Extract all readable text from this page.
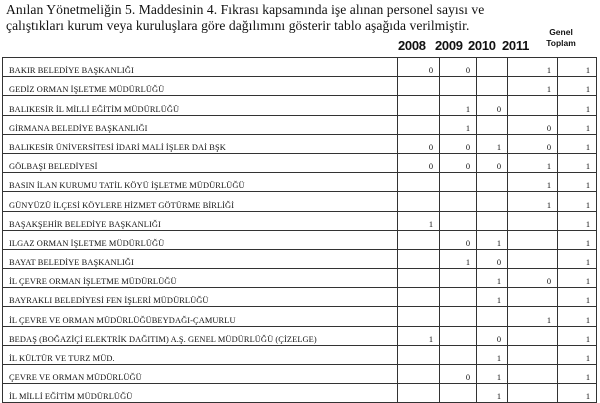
Anılan Yönetmeliğin 5. Maddesinin 4. Fıkrası kapsamında işe alınan personel sayısı ve
çalıştıkları kurum veya kuruluşlara göre dağılımını gösterir tablo aşağıda verilmiştir.
2008 2009 2010 2011
Genel
Toplam
BAKIR BELEDİYE BAŞKANLIĞI	0	0		1	1
GEDİZ ORMAN İŞLETME MÜDÜRLÜĞÜ				1	1
BALIKESİR İL MİLLİ EĞİTİM MÜDÜRLÜĞÜ		1	0		1
GİRMANA BELEDİYE BAŞKANLIĞI		1		0	1
BALIKESİR ÜNİVERSİTESİ İDARİ MALİ İŞLER DAİ BŞK	0	0	1	0	1
GÖLBAŞI BELEDİYESİ	0	0	0	1	1
BASIN İLAN KURUMU TATİL KÖYÜ İŞLETME MÜDÜRLÜĞÜ				1	1
GÜNYÜZÜ İLÇESİ KÖYLERE HİZMET GÖTÜRME BİRLİĞİ				1	1
BAŞAKŞEHİR BELEDİYE BAŞKANLIĞI	1				1
ILGAZ ORMAN İŞLETME MÜDÜRLÜĞÜ		0	1		1
BAYAT BELEDİYE BAŞKANLIĞI		1	0		1
İL ÇEVRE ORMAN İŞLETME MÜDÜRLÜĞÜ			1	0	1
BAYRAKLI BELEDİYESİ FEN İŞLERİ MÜDÜRLÜĞÜ			1		1
İL ÇEVRE VE ORMAN MÜDÜRLÜĞÜBEYDAĞI-ÇAMURLU				1	1
BEDAŞ (BOĞAZİÇİ ELEKTRİK DAĞITIM) A.Ş. GENEL MÜDÜRLÜĞÜ (ÇİZELGE)	1		0		1
İL KÜLTÜR VE TURZ MÜD.			1		1
ÇEVRE VE ORMAN MÜDÜRLÜĞÜ		0	1		1
İL MİLLİ EĞİTİM MÜDÜRLÜĞÜ			1		1
